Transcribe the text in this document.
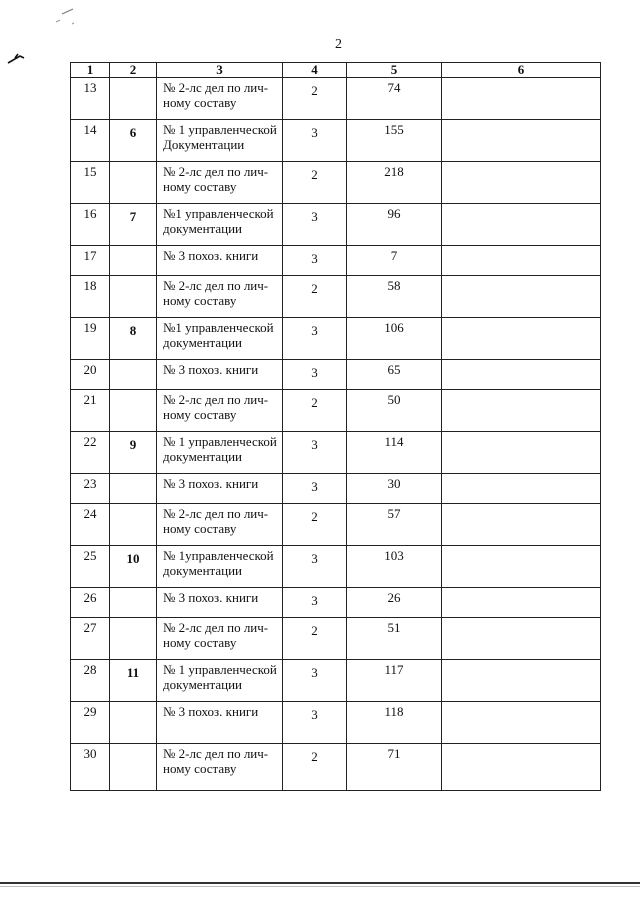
2
1	2	3	4	5	6
13		№ 2-лс дел по лич-ному составу	2	74	
14	6	№ 1 управленческой Документации	3	155	
15		№ 2-лс дел по лич-ному составу	2	218	
16	7	№1 управленческой документации	3	96	
17		№ 3 похоз. книги	3	7	
18		№ 2-лс дел по лич-ному составу	2	58	
19	8	№1 управленческой документации	3	106	
20		№ 3 похоз. книги	3	65	
21		№ 2-лс дел по лич-ному составу	2	50	
22	9	№ 1 управленческой документации	3	114	
23		№ 3 похоз. книги	3	30	
24		№ 2-лс дел по лич-ному составу	2	57	
25	10	№ 1управленческой документации	3	103	
26		№ 3 похоз. книги	3	26	
27		№ 2-лс дел по лич-ному составу	2	51	
28	11	№ 1 управленческой документации	3	117	
29		№ 3 похоз. книги	3	118	
30		№ 2-лс дел по лич-ному составу	2	71	
